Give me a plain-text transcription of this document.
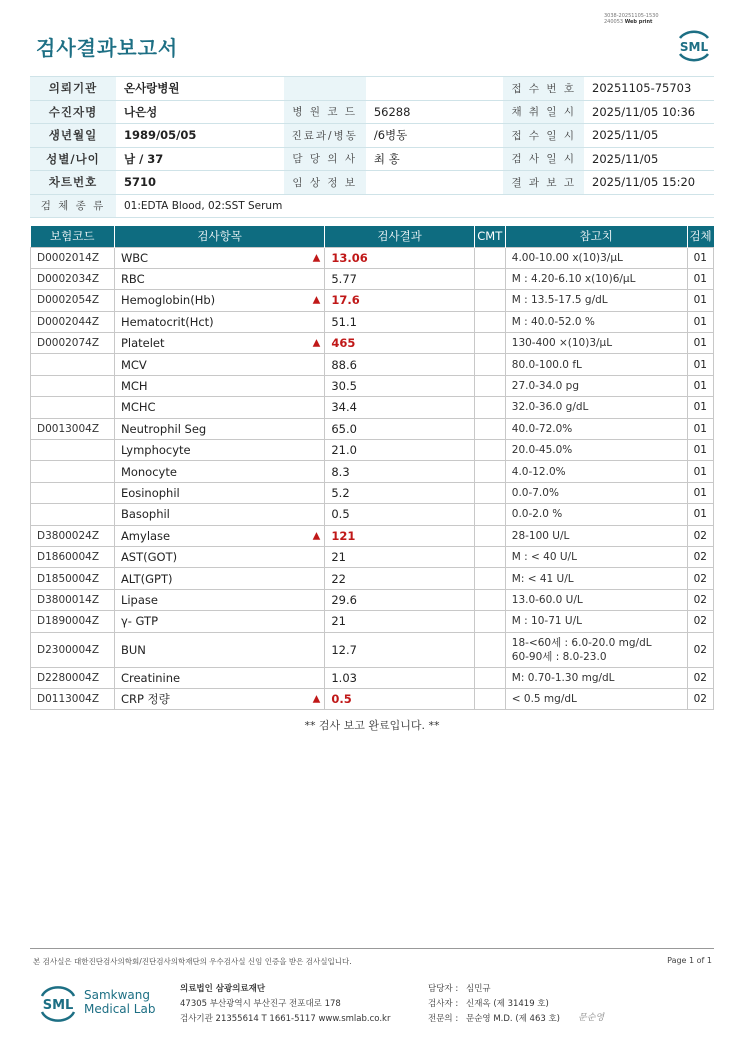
검사결과보고서
3038-20251105-1530
240053 Web print
SML
의뢰기관	온사랑병원			접 수 번 호	20251105-75703
수진자명	나은성	병 원 코 드	56288	채 취 일 시	2025/11/05 10:36
생년월일	1989/05/05	진료과/병동	/6병동	접 수 일 시	2025/11/05
성별/나이	남 / 37	담 당 의 사	최 홍	검 사 일 시	2025/11/05
차트번호	5710	임 상 정 보		결 과 보 고	2025/11/05 15:20
검 체 종 류	01:EDTA Blood, 02:SST Serum				
보험코드	검사항목	검사결과	CMT	참고치	검체
D0002014Z	WBC ▲	13.06		4.00-10.00 x(10)3/μL	01
D0002034Z	RBC	5.77		M : 4.20-6.10 x(10)6/μL	01
D0002054Z	Hemoglobin(Hb) ▲	17.6		M : 13.5-17.5 g/dL	01
D0002044Z	Hematocrit(Hct)	51.1		M : 40.0-52.0 %	01
D0002074Z	Platelet ▲	465		130-400 ×(10)3/μL	01
	MCV	88.6		80.0-100.0 fL	01
	MCH	30.5		27.0-34.0 pg	01
	MCHC	34.4		32.0-36.0 g/dL	01
D0013004Z	Neutrophil Seg	65.0		40.0-72.0%	01
	Lymphocyte	21.0		20.0-45.0%	01
	Monocyte	8.3		4.0-12.0%	01
	Eosinophil	5.2		0.0-7.0%	01
	Basophil	0.5		0.0-2.0 %	01
D3800024Z	Amylase ▲	121		28-100 U/L	02
D1860004Z	AST(GOT)	21		M : < 40 U/L	02
D1850004Z	ALT(GPT)	22		M: < 41 U/L	02
D3800014Z	Lipase	29.6		13.0-60.0 U/L	02
D1890004Z	γ- GTP	21		M : 10-71 U/L	02
D2300004Z	BUN	12.7		18-<60세 : 6.0-20.0 mg/dL
60-90세 : 8.0-23.0	02
D2280004Z	Creatinine	1.03		M: 0.70-1.30 mg/dL	02
D0113004Z	CRP 정량 ▲	0.5		< 0.5 mg/dL	02
** 검사 보고 완료입니다. **
본 검사실은 대한진단검사의학회/진단검사의학재단의 우수검사실 신임 인증을 받은 검사실입니다.	Page 1 of 1
SML
Samkwang
Medical Lab
의료법인 삼광의료재단
47305 부산광역시 부산진구 전포대로 178
검사기관 21355614 T 1661-5117 www.smlab.co.kr
담당자 : 심민규
검사자 : 신재옥 (제 31419 호)
전문의 : 문순영 M.D. (제 463 호) 문순영
